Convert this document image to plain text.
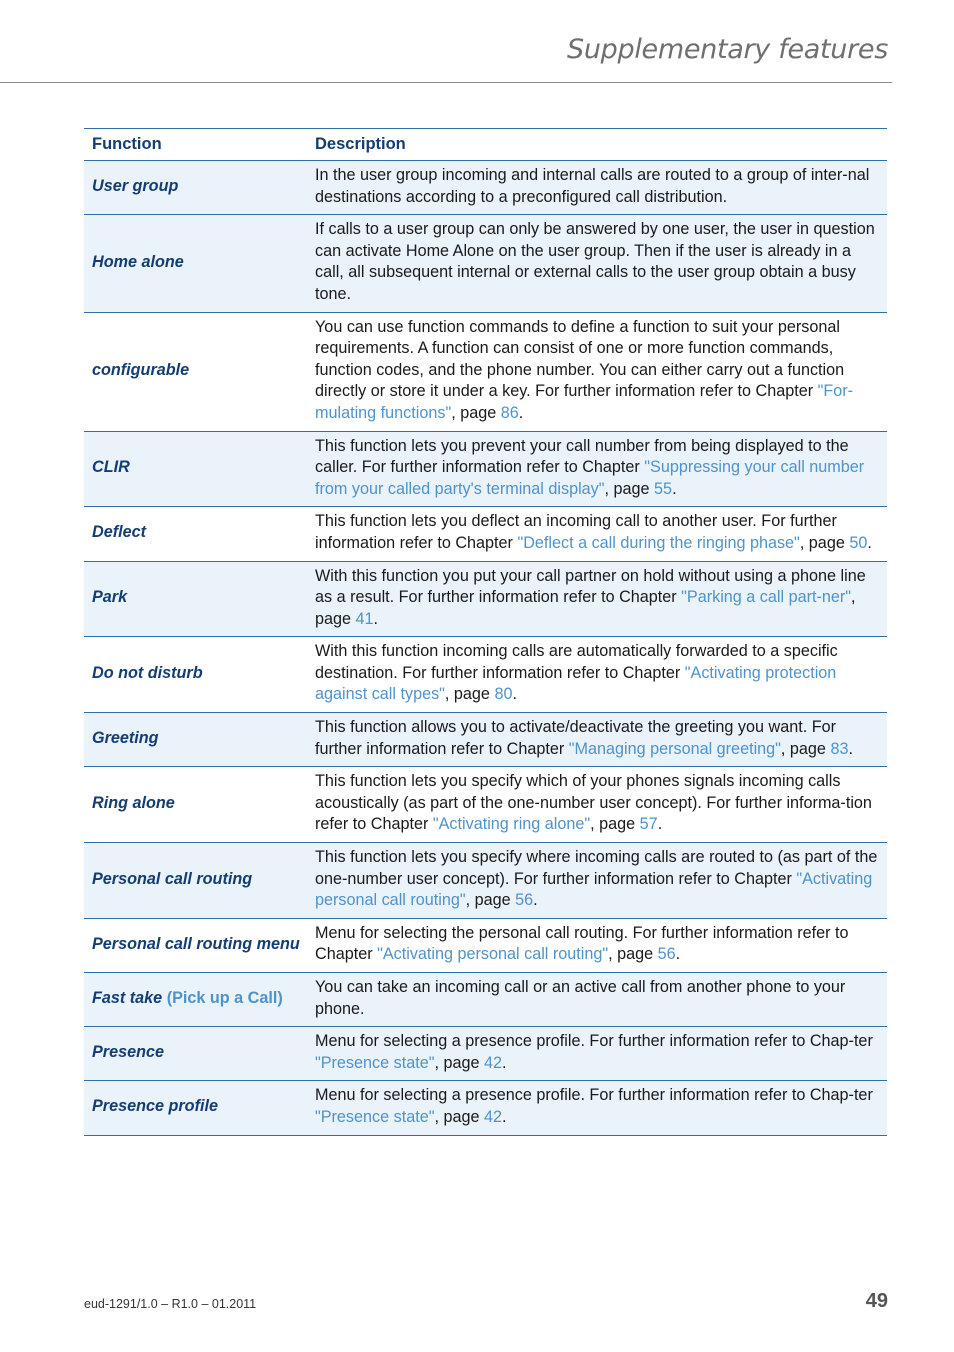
Supplementary features
Function	Description
User group	In the user group incoming and internal calls are routed to a group of inter-nal destinations according to a preconfigured call distribution.
Home alone	If calls to a user group can only be answered by one user, the user in question can activate Home Alone on the user group. Then if the user is already in a call, all subsequent internal or external calls to the user group obtain a busy tone.
configurable	You can use function commands to define a function to suit your personal requirements. A function can consist of one or more function commands, function codes, and the phone number. You can either carry out a function directly or store it under a key. For further information refer to Chapter "For-mulating functions", page 86.
CLIR	This function lets you prevent your call number from being displayed to the caller. For further information refer to Chapter "Suppressing your call number from your called party's terminal display", page 55.
Deflect	This function lets you deflect an incoming call to another user. For further information refer to Chapter "Deflect a call during the ringing phase", page 50.
Park	With this function you put your call partner on hold without using a phone line as a result. For further information refer to Chapter "Parking a call part-ner", page 41.
Do not disturb	With this function incoming calls are automatically forwarded to a specific destination. For further information refer to Chapter "Activating protection against call types", page 80.
Greeting	This function allows you to activate/deactivate the greeting you want. For further information refer to Chapter "Managing personal greeting", page 83.
Ring alone	This function lets you specify which of your phones signals incoming calls acoustically (as part of the one-number user concept). For further informa-tion refer to Chapter "Activating ring alone", page 57.
Personal call routing	This function lets you specify where incoming calls are routed to (as part of the one-number user concept). For further information refer to Chapter "Activating personal call routing", page 56.
Personal call routing menu	Menu for selecting the personal call routing. For further information refer to Chapter "Activating personal call routing", page 56.
Fast take (Pick up a Call)	You can take an incoming call or an active call from another phone to your phone.
Presence	Menu for selecting a presence profile. For further information refer to Chap-ter "Presence state", page 42.
Presence profile	Menu for selecting a presence profile. For further information refer to Chap-ter "Presence state", page 42.
eud-1291/1.0 – R1.0 – 01.2011	49
